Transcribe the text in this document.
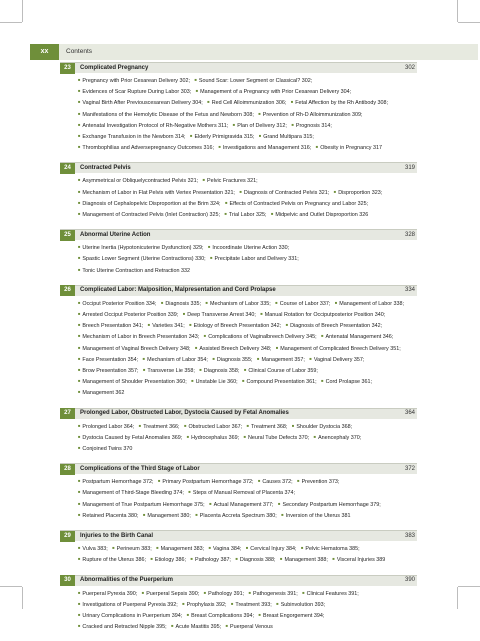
xx	Contents
23	Complicated Pregnancy	302
■ Pregnancy with Prior Cesarean Delivery 302; ■ Sound Scar: Lower Segment or Classical? 302; ■ Evidences of Scar Rupture During Labor 303; ■ Management of a Pregnancy with Prior Cesarean Delivery 304; ■ Vaginal Birth After Previouscesarean Delivery 304; ■ Red Cell Alloimmunization 306; ■ Fetal Affection by the Rh Antibody 308; ■ Manifestations of the Hemolytic Disease of the Fetus and Newborn 308; ■ Prevention of Rh-D Alloimmunization 309; ■ Antenatal Investigation Protocol of Rh-Negative Mothers 311; ■ Plan of Delivery 312; ■ Prognosis 314; ■ Exchange Transfusion in the Newborn 314; ■ Elderly Primigravida 315; ■ Grand Multipara 315; ■ Thrombophilias and Adversepregnancy Outcomes 316; ■ Investigations and Management 316; ■ Obesity in Pregnancy 317
24	Contracted Pelvis	319
■ Asymmetrical or Obliquelycontracted Pelvis 321; ■ Pelvic Fractures 321; ■ Mechanism of Labor in Flat Pelvis with Vertex Presentation 321; ■ Diagnosis of Contracted Pelvis 321; ■ Disproportion 323; ■ Diagnosis of Cephalopelvic Disproportion at the Brim 324; ■ Effects of Contracted Pelvis on Pregnancy and Labor 325; ■ Management of Contracted Pelvis (Inlet Contraction) 325; ■ Trial Labor 325; ■ Midpelvic and Outlet Disproportion 326
25	Abnormal Uterine Action	328
■ Uterine Inertia (Hypotonicuterine Dysfunction) 329; ■ Incoordinate Uterine Action 330; ■ Spastic Lower Segment (Uterine Contractions) 330; ■ Precipitate Labor and Delivery 331; ■ Tonic Uterine Contraction and Retraction 332
26	Complicated Labor: Malposition, Malpresentation and Cord Prolapse	334
■ Occiput Posterior Position 334; ■ Diagnosis 335; ■ Mechanism of Labor 335; ■ Course of Labor 337; ■ Management of Labor 338; ■ Arrested Occiput Posterior Position 339; ■ Deep Transverse Arrest 340; ■ Manual Rotation for Occiputposterior Position 340; ■ Breech Presentation 341; ■ Varieties 341; ■ Etiology of Breech Presentation 342; ■ Diagnosis of Breech Presentation 342; ■ Mechanism of Labor in Breech Presentation 343; ■ Complications of Vaginalbreech Delivery 345; ■ Antenatal Management 346; ■ Management of Vaginal Breech Delivery 348; ■ Assisted Breech Delivery 348; ■ Management of Complicated Breech Delivery 351; ■ Face Presentation 354; ■ Mechanism of Labor 354; ■ Diagnosis 355; ■ Management 357; ■ Vaginal Delivery 357; ■ Brow Presentation 357; ■ Transverse Lie 358; ■ Diagnosis 358; ■ Clinical Course of Labor 359; ■ Management of Shoulder Presentation 360; ■ Unstable Lie 360; ■ Compound Presentation 361; ■ Cord Prolapse 361; ■ Management 362
27	Prolonged Labor, Obstructed Labor, Dystocia Caused by Fetal Anomalies	364
■ Prolonged Labor 364; ■ Treatment 366; ■ Obstructed Labor 367; ■ Treatment 368; ■ Shoulder Dystocia 368; ■ Dystocia Caused by Fetal Anomalies 369; ■ Hydrocephalus 369; ■ Neural Tube Defects 370; ■ Anencephaly 370; ■ Conjoined Twins 370
28	Complications of the Third Stage of Labor	372
■ Postpartum Hemorrhage 372; ■ Primary Postpartum Hemorrhage 372; ■ Causes 372; ■ Prevention 373; ■ Management of Third-Stage Bleeding 374; ■ Steps of Manual Removal of Placenta 374; ■ Management of True Postpartum Hemorrhage 375; ■ Actual Management 377; ■ Secondary Postpartum Hemorrhage 379; ■ Retained Placenta 380; ■ Management 380; ■ Placenta Accreta Spectrum 380; ■ Inversion of the Uterus 381
29	Injuries to the Birth Canal	383
■ Vulva 383; ■ Perineum 383; ■ Management 383; ■ Vagina 384; ■ Cervical Injury 384; ■ Pelvic Hematoma 385; ■ Rupture of the Uterus 386; ■ Etiology 386; ■ Pathology 387; ■ Diagnosis 388; ■ Management 388; ■ Visceral Injuries 389
30	Abnormalities of the Puerperium	390
■ Puerperal Pyrexia 390; ■ Puerperal Sepsis 390; ■ Pathology 391; ■ Pathogenesis 391; ■ Clinical Features 391; ■ Investigations of Puerperal Pyrexia 392; ■ Prophylaxis 392; ■ Treatment 393; ■ Subinvolution 393; ■ Urinary Complications in Puerperium 394; ■ Breast Complications 394; ■ Breast Engorgement 394; ■ Cracked and Retracted Nipple 395; ■ Acute Mastitis 395; ■ Puerperal Venous
